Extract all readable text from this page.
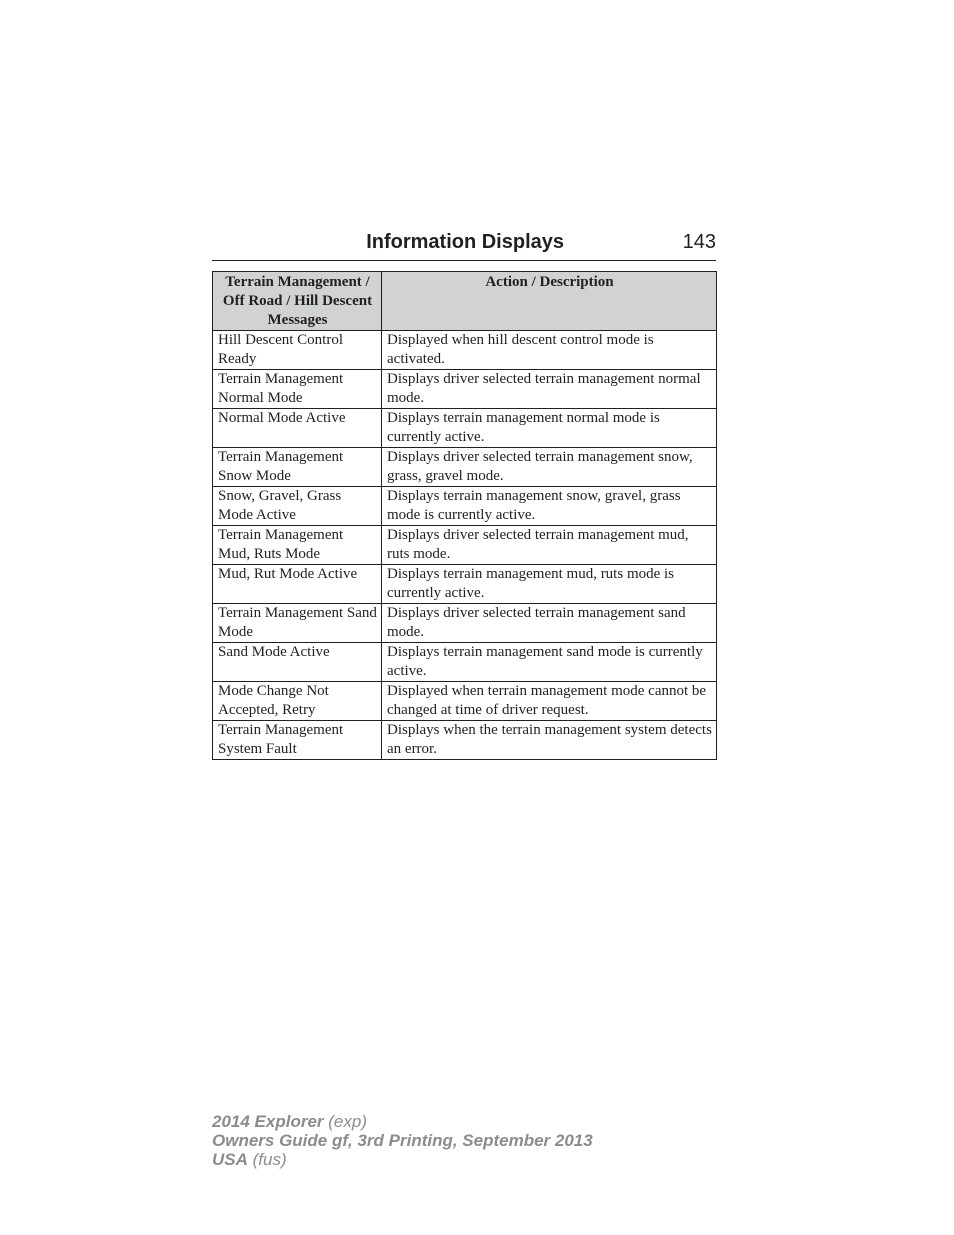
Information Displays	143
Terrain Management / Off Road / Hill Descent Messages	Action / Description
Hill Descent Control Ready	Displayed when hill descent control mode is activated.
Terrain Management Normal Mode	Displays driver selected terrain management normal mode.
Normal Mode Active	Displays terrain management normal mode is currently active.
Terrain Management Snow Mode	Displays driver selected terrain management snow, grass, gravel mode.
Snow, Gravel, Grass Mode Active	Displays terrain management snow, gravel, grass mode is currently active.
Terrain Management Mud, Ruts Mode	Displays driver selected terrain management mud, ruts mode.
Mud, Rut Mode Active	Displays terrain management mud, ruts mode is currently active.
Terrain Management Sand Mode	Displays driver selected terrain management sand mode.
Sand Mode Active	Displays terrain management sand mode is currently active.
Mode Change Not Accepted, Retry	Displayed when terrain management mode cannot be changed at time of driver request.
Terrain Management System Fault	Displays when the terrain management system detects an error.
2014 Explorer (exp)
Owners Guide gf, 3rd Printing, September 2013
USA (fus)
